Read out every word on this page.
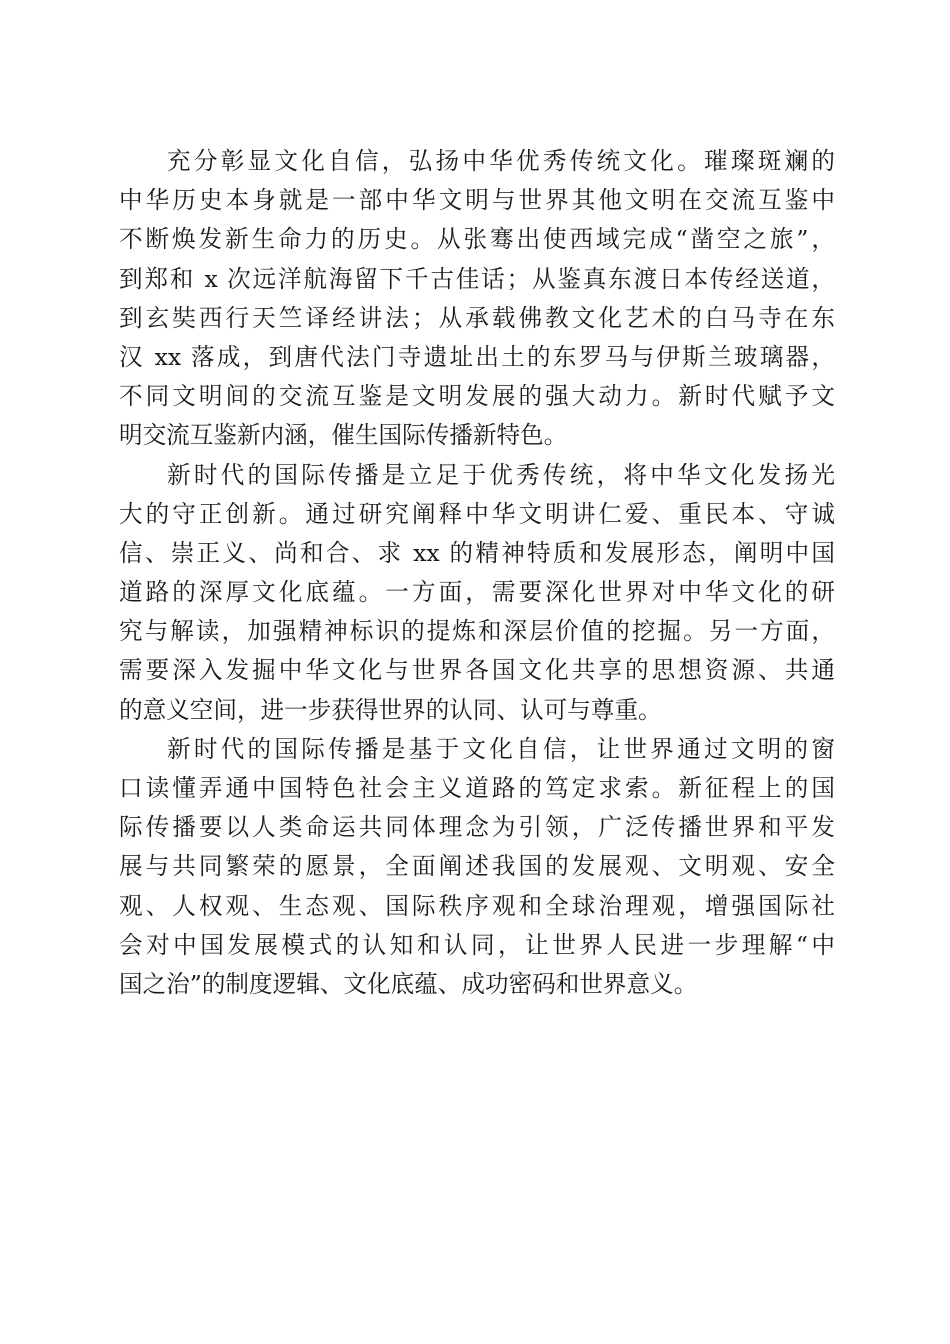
充分彰显文化自信，弘扬中华优秀传统文化。璀璨斑斓的
中华历史本身就是一部中华文明与世界其他文明在交流互鉴中
不断焕发新生命力的历史。从张骞出使西域完成“凿空之旅”，
到郑和 x 次远洋航海留下千古佳话；从鉴真东渡日本传经送道，
到玄奘西行天竺译经讲法；从承载佛教文化艺术的白马寺在东
汉 xx 落成，到唐代法门寺遗址出土的东罗马与伊斯兰玻璃器，
不同文明间的交流互鉴是文明发展的强大动力。新时代赋予文
明交流互鉴新内涵，催生国际传播新特色。
新时代的国际传播是立足于优秀传统，将中华文化发扬光
大的守正创新。通过研究阐释中华文明讲仁爱、重民本、守诚
信、崇正义、尚和合、求 xx 的精神特质和发展形态，阐明中国
道路的深厚文化底蕴。一方面，需要深化世界对中华文化的研
究与解读，加强精神标识的提炼和深层价值的挖掘。另一方面，
需要深入发掘中华文化与世界各国文化共享的思想资源、共通
的意义空间，进一步获得世界的认同、认可与尊重。
新时代的国际传播是基于文化自信，让世界通过文明的窗
口读懂弄通中国特色社会主义道路的笃定求索。新征程上的国
际传播要以人类命运共同体理念为引领，广泛传播世界和平发
展与共同繁荣的愿景，全面阐述我国的发展观、文明观、安全
观、人权观、生态观、国际秩序观和全球治理观，增强国际社
会对中国发展模式的认知和认同，让世界人民进一步理解“中
国之治”的制度逻辑、文化底蕴、成功密码和世界意义。
